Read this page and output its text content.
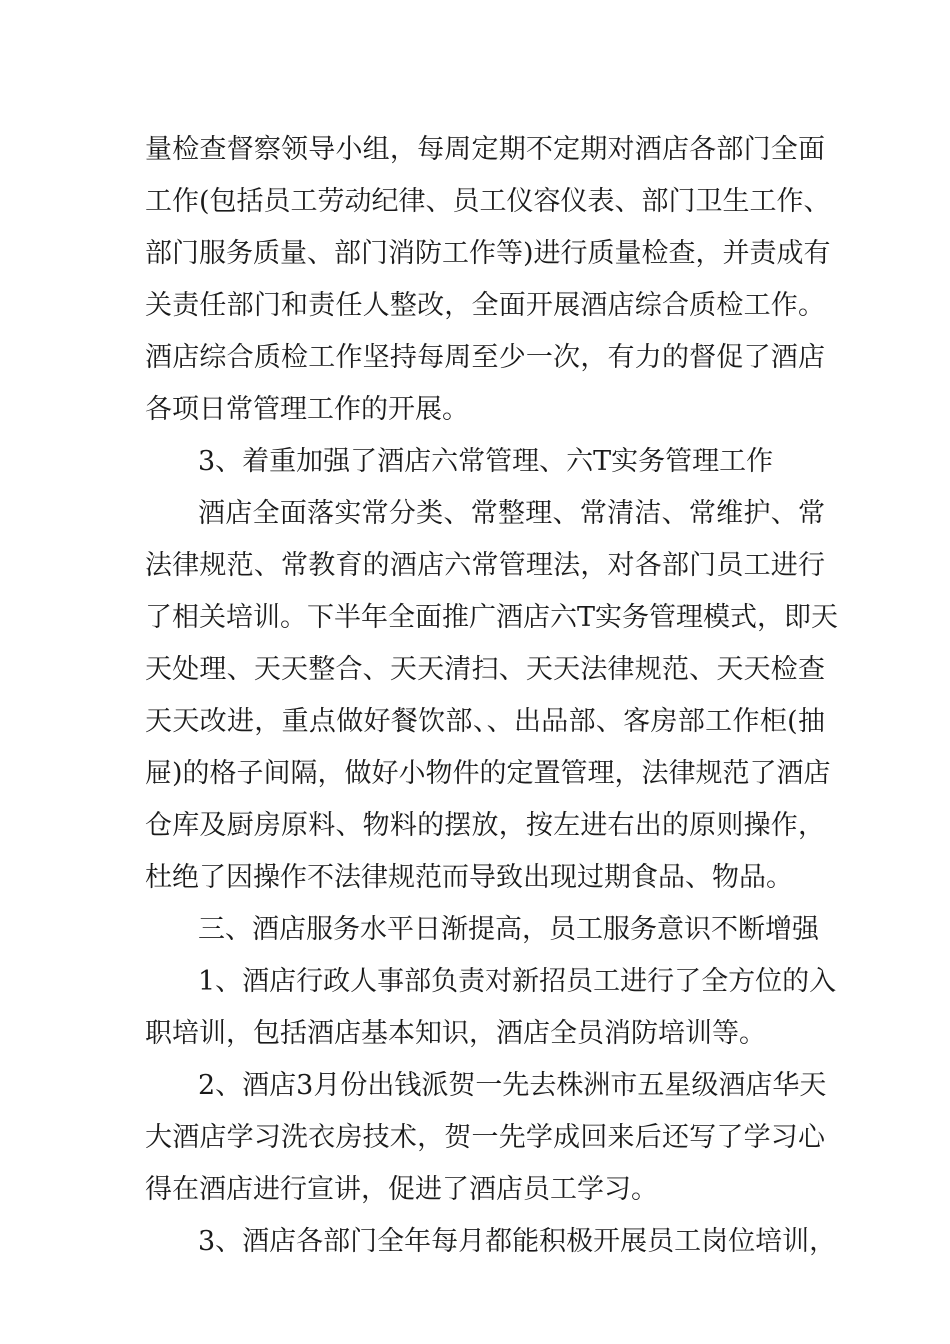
量检查督察领导小组，每周定期不定期对酒店各部门全面
工作(包括员工劳动纪律、员工仪容仪表、部门卫生工作、
部门服务质量、部门消防工作等)进行质量检查，并责成有
关责任部门和责任人整改，全面开展酒店综合质检工作。
酒店综合质检工作坚持每周至少一次，有力的督促了酒店
各项日常管理工作的开展。
3、着重加强了酒店六常管理、六T实务管理工作
酒店全面落实常分类、常整理、常清洁、常维护、常
法律规范、常教育的酒店六常管理法，对各部门员工进行
了相关培训。下半年全面推广酒店六T实务管理模式，即天
天处理、天天整合、天天清扫、天天法律规范、天天检查
天天改进，重点做好餐饮部、、出品部、客房部工作柜(抽
屉)的格子间隔，做好小物件的定置管理，法律规范了酒店
仓库及厨房原料、物料的摆放，按左进右出的原则操作，
杜绝了因操作不法律规范而导致出现过期食品、物品。
三、酒店服务水平日渐提高，员工服务意识不断增强
1、酒店行政人事部负责对新招员工进行了全方位的入
职培训，包括酒店基本知识，酒店全员消防培训等。
2、酒店3月份出钱派贺一先去株洲市五星级酒店华天
大酒店学习洗衣房技术，贺一先学成回来后还写了学习心
得在酒店进行宣讲，促进了酒店员工学习。
3、酒店各部门全年每月都能积极开展员工岗位培训，
